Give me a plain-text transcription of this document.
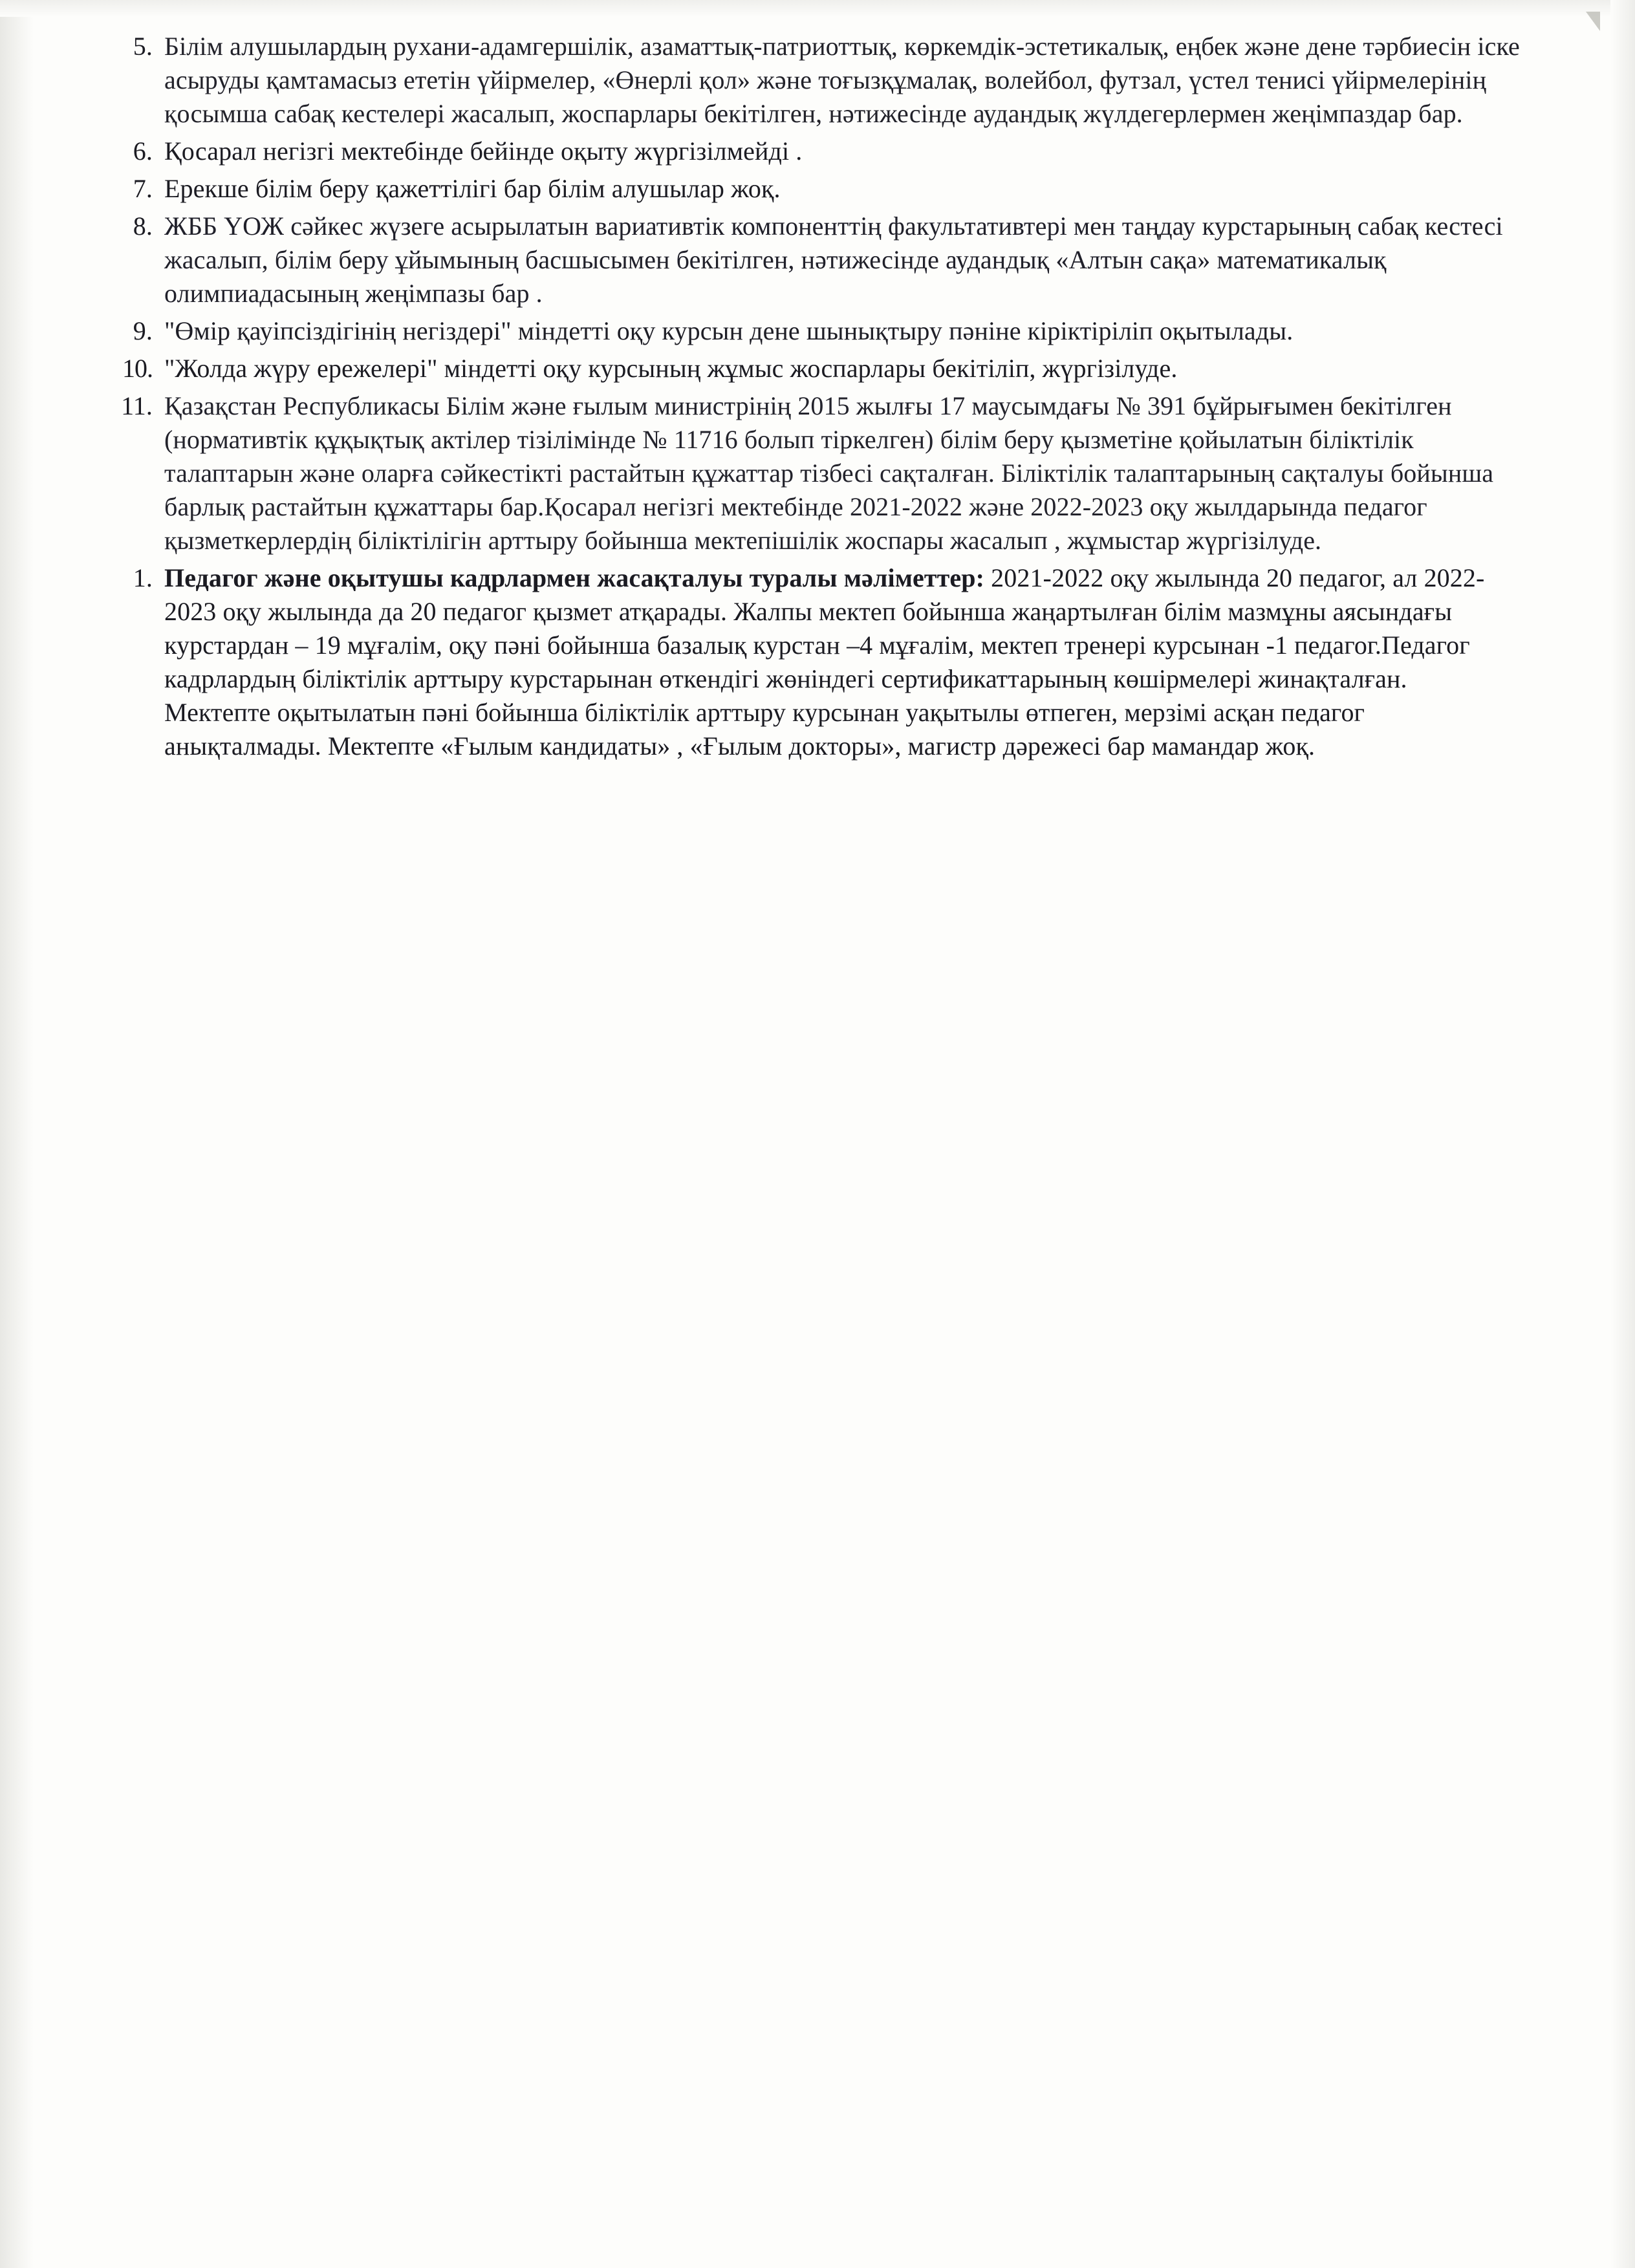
5. Білім алушылардың рухани-адамгершілік, азаматтық-патриоттық, көркемдік-эстетикалық, еңбек және дене тәрбиесін іске асыруды қамтамасыз ететін үйірмелер, «Өнерлі қол» және тоғызқұмалақ, волейбол, футзал, үстел тенисі үйірмелерінің қосымша сабақ кестелері жасалып, жоспарлары бекітілген, нәтижесінде аудандық жүлдегерлермен жеңімпаздар бар.
6. Қосарал негізгі мектебінде бейінде оқыту жүргізілмейді .
7. Ерекше білім беру қажеттілігі бар білім алушылар жоқ.
8. ЖББ ҮОЖ сәйкес жүзеге асырылатын вариативтік компоненттің факультативтері мен таңдау курстарының сабақ кестесі жасалып, білім беру ұйымының басшысымен бекітілген, нәтижесінде аудандық «Алтын сақа» математикалық олимпиадасының жеңімпазы бар .
9. "Өмір қауіпсіздігінің негіздері" міндетті оқу курсын дене шынықтыру пәніне кіріктіріліп оқытылады.
10. "Жолда жүру ережелері" міндетті оқу курсының жұмыс жоспарлары бекітіліп, жүргізілуде.
11. Қазақстан Республикасы Білім және ғылым министрінің 2015 жылғы 17 маусымдағы № 391 бұйрығымен бекітілген (нормативтік құқықтық актілер тізілімінде № 11716 болып тіркелген) білім беру қызметіне қойылатын біліктілік талаптарын және оларға сәйкестікті растайтын құжаттар тізбесі сақталған. Біліктілік талаптарының сақталуы бойынша барлық растайтын құжаттары бар.Қосарал негізгі мектебінде 2021-2022 және 2022-2023 оқу жылдарында педагог қызметкерлердің біліктілігін арттыру бойынша мектепішілік жоспары жасалып , жұмыстар жүргізілуде.
1. Педагог және оқытушы кадрлармен жасақталуы туралы мәліметтер: 2021-2022 оқу жылында 20 педагог, ал 2022-2023 оқу жылында да 20 педагог қызмет атқарады. Жалпы мектеп бойынша жаңартылған білім мазмұны аясындағы курстардан – 19 мұғалім, оқу пәні бойынша базалық курстан –4 мұғалім, мектеп тренері курсынан -1 педагог.Педагог кадрлардың біліктілік арттыру курстарынан өткендігі жөніндегі сертификаттарының көшірмелері жинақталған. Мектепте оқытылатын пәні бойынша біліктілік арттыру курсынан уақытылы өтпеген, мерзімі асқан педагог анықталмады. Мектепте «Ғылым кандидаты» , «Ғылым докторы», магистр дәрежесі бар мамандар жоқ.
